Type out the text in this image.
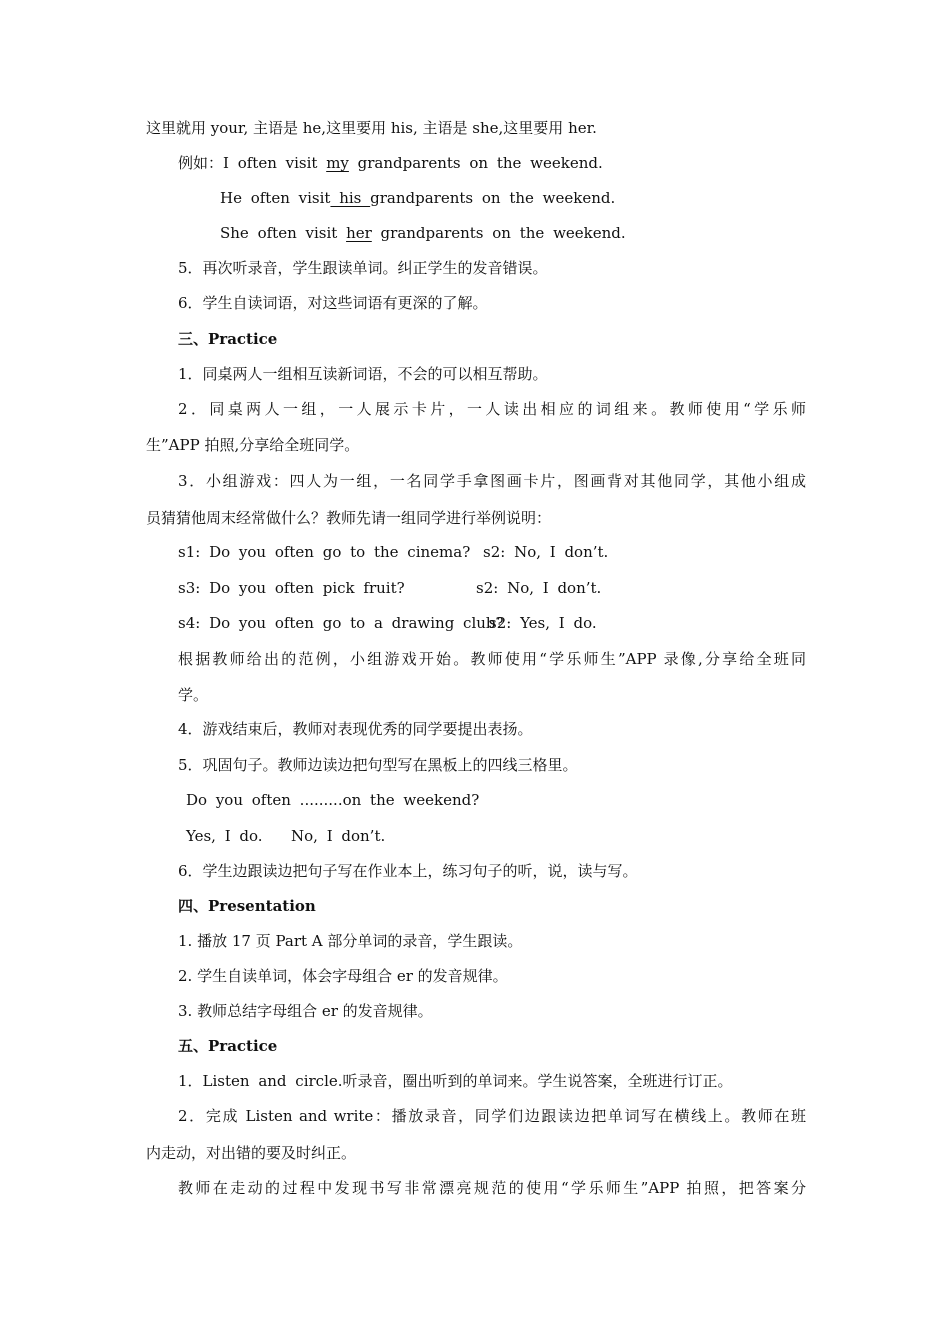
这里就用 your, 主语是 he,这里要用 his, 主语是 she,这里要用 her.
例如：I often visit my grandparents on the weekend.
He often visit his grandparents on the weekend.
She often visit her grandparents on the weekend.
5．再次听录音，学生跟读单词。纠正学生的发音错误。
6．学生自读词语，对这些词语有更深的了解。
三、Practice
1．同桌两人一组相互读新词语，不会的可以相互帮助。
2．同桌两人一组，一人展示卡片，一人读出相应的词组来。教师使用“学乐师
生”APP 拍照,分享给全班同学。
3．小组游戏：四人为一组，一名同学手拿图画卡片，图画背对其他同学，其他小组成
员猜猜他周末经常做什么？教师先请一组同学进行举例说明：
s1: Do you often go to the cinema? s2: No, I don’t.
s3: Do you often pick fruit?	s2: No, I don’t.
s4: Do you often go to a drawing club?
s2: Yes, I do.
根据教师给出的范例，小组游戏开始。教师使用“学乐师生”APP 录像,分享给全班同
学。
4．游戏结束后，教师对表现优秀的同学要提出表扬。
5．巩固句子。教师边读边把句型写在黑板上的四线三格里。
Do you often .........on the weekend?
Yes, I do. No, I don’t.
6．学生边跟读边把句子写在作业本上，练习句子的听，说，读与写。
四、Presentation
1. 播放 17 页 Part A 部分单词的录音，学生跟读。
2. 学生自读单词，体会字母组合 er 的发音规律。
3. 教师总结字母组合 er 的发音规律。
五、Practice
1．Listen and circle.听录音，圈出听到的单词来。学生说答案，全班进行订正。
2．完成 Listen and write：播放录音，同学们边跟读边把单词写在横线上。教师在班
内走动，对出错的要及时纠正。
教师在走动的过程中发现书写非常漂亮规范的使用“学乐师生”APP 拍照，把答案分
